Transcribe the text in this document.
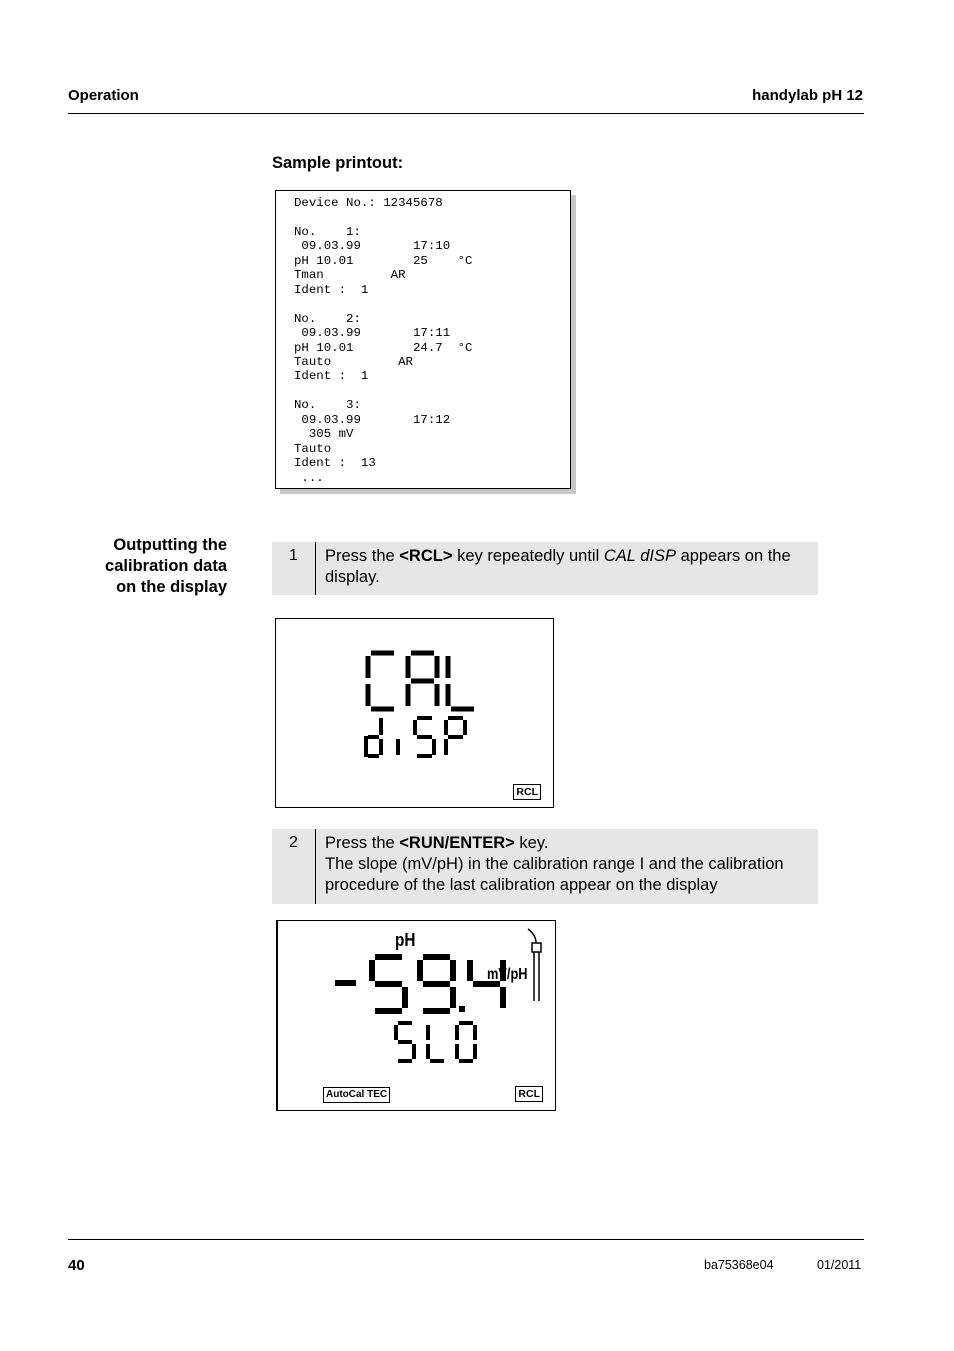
Operation	handylab pH 12
Sample printout:
Device No.: 12345678

No.    1:
09.03.99       17:10
pH 10.01        25    °C
Tman         AR
Ident :  1

No.    2:
09.03.99       17:11
pH 10.01        24.7  °C
Tauto         AR
Ident :  1

No.    3:
09.03.99       17:12
305 mV
Tauto
Ident :  13
...
Outputting the
calibration data
on the display
1	Press the <RCL> key repeatedly until CAL dISP appears on the display.
RCL
2	Press the <RUN/ENTER> key.
The slope (mV/pH) in the calibration range I and the calibration procedure of the last calibration appear on the display
pH
mV/pH
AutoCal TEC	RCL
40	ba75368e04	01/2011
